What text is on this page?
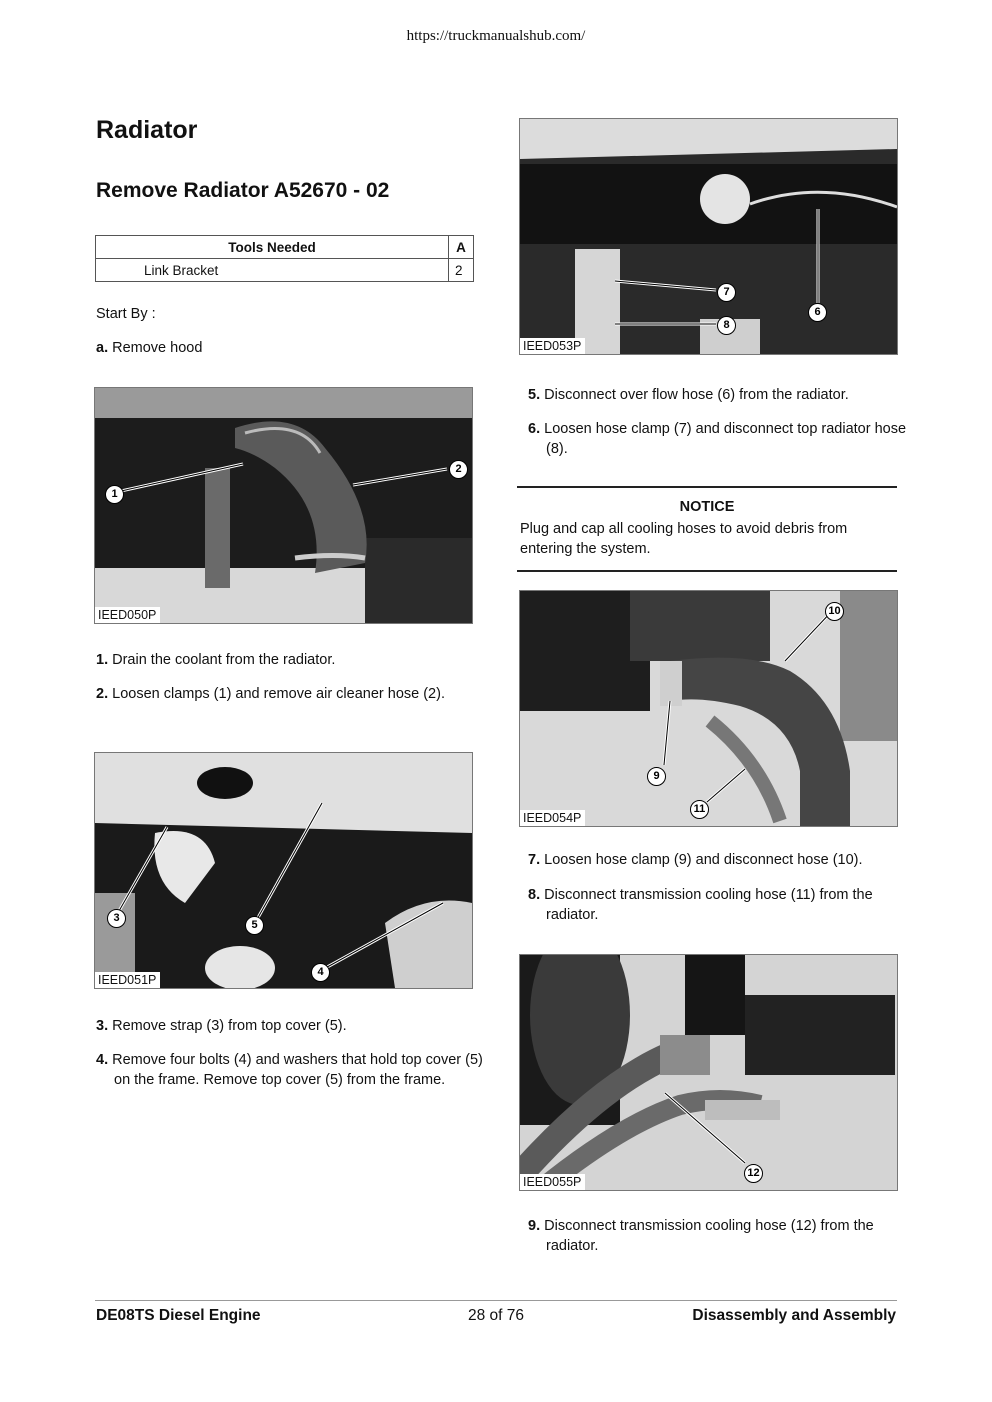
https://truckmanualshub.com/
Radiator
Remove Radiator A52670 - 02
Tools Needed	A
Link Bracket	2
Start By :
a. Remove hood
1
2
IEED050P
1. Drain the coolant from the radiator.
2. Loosen clamps (1) and remove air cleaner hose (2).
3
4
5
IEED051P
3. Remove strap (3) from top cover (5).
4. Remove four bolts (4) and washers that hold top cover (5) on the frame. Remove top cover (5) from the frame.
7
8
6
IEED053P
5. Disconnect over flow hose (6) from the radiator.
6. Loosen hose clamp (7) and disconnect top radiator hose (8).
NOTICE
Plug and cap all cooling hoses to avoid debris from entering the system.
10
9
11
IEED054P
7. Loosen hose clamp (9) and disconnect hose (10).
8. Disconnect transmission cooling hose (11) from the radiator.
12
IEED055P
9. Disconnect transmission cooling hose (12) from the radiator.
DE08TS Diesel Engine	28 of 76	Disassembly and Assembly
